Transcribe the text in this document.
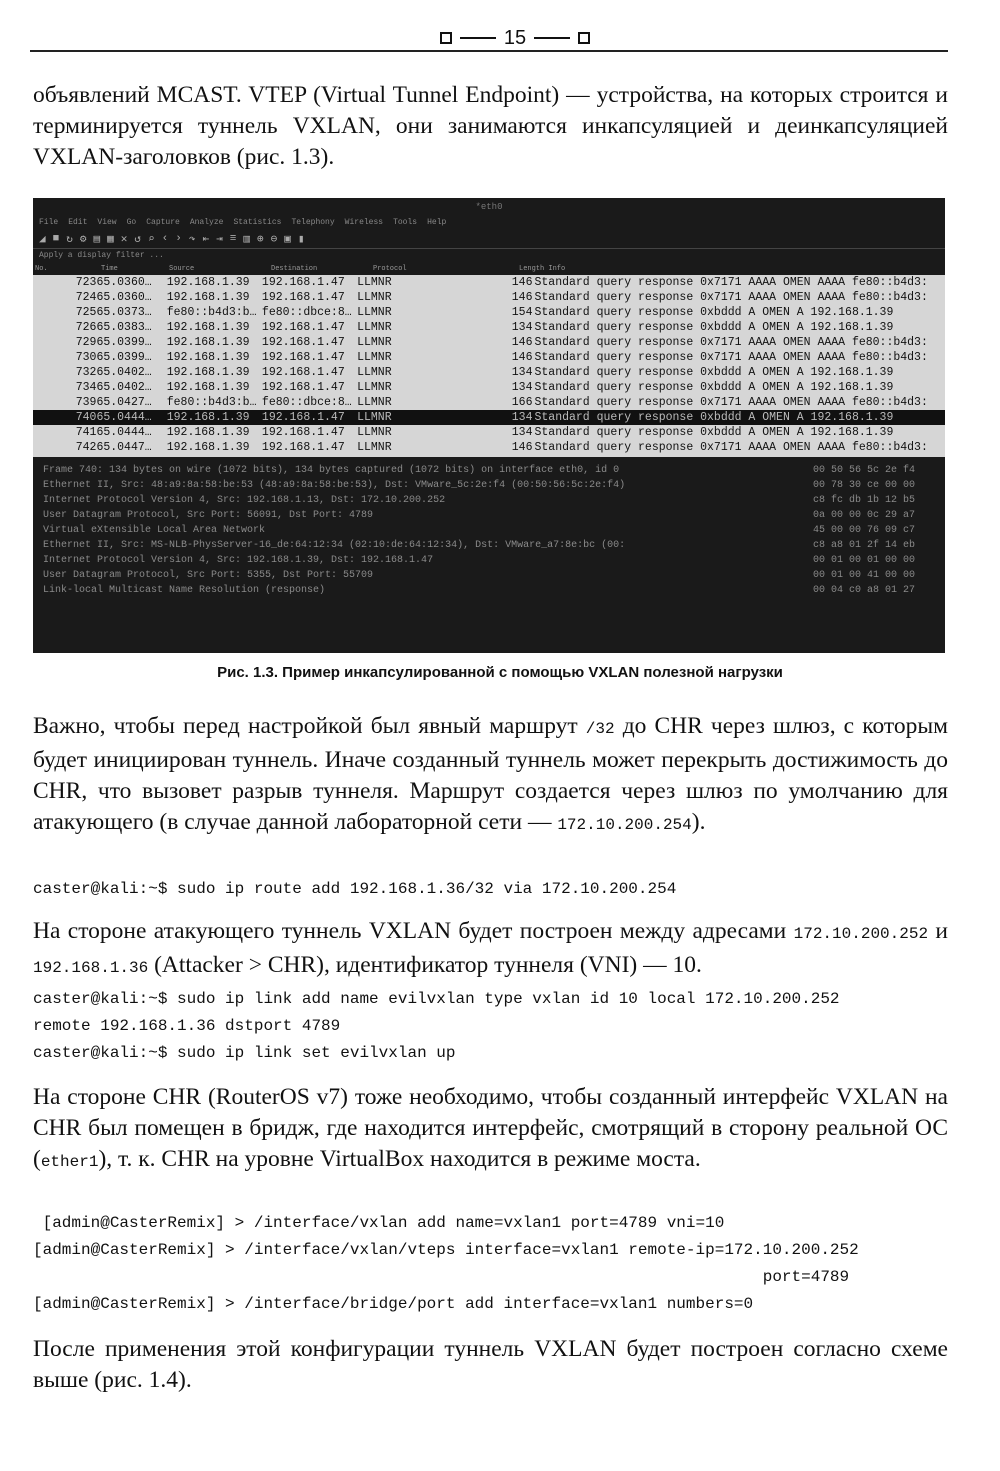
15
объявлений MCAST. VTEP (Virtual Tunnel Endpoint) — устройства, на которых строится и терминируется туннель VXLAN, они занимаются инкапсуляцией и деинкапсуляцией VXLAN-заголовков (рис. 1.3).
*eth0
File Edit View Go Capture Analyze Statistics Telephony Wireless Tools Help
◢ ■ ↻ ⚙ ▤ ▦ ✕ ↺ ⌕ ‹ › ↷ ⇤ ⇥ ≡ ▥ ⊕ ⊖ ▣ ▮
Apply a display filter ...
No.	Time	Source	Destination	Protocol	Length Info
723 65.0360…	192.168.1.39	192.168.1.47	LLMNR	146 Standard query response 0x7171 AAAA OMEN AAAA fe80::b4d3:
724 65.0360…	192.168.1.39	192.168.1.47	LLMNR	146 Standard query response 0x7171 AAAA OMEN AAAA fe80::b4d3:
725 65.0373…	fe80::b4d3:b… fe80::dbce:8… LLMNR	154 Standard query response 0xbddd A OMEN A 192.168.1.39
726 65.0383…	192.168.1.39	192.168.1.47	LLMNR	134 Standard query response 0xbddd A OMEN A 192.168.1.39
729 65.0399…	192.168.1.39	192.168.1.47	LLMNR	146 Standard query response 0x7171 AAAA OMEN AAAA fe80::b4d3:
730 65.0399…	192.168.1.39	192.168.1.47	LLMNR	146 Standard query response 0x7171 AAAA OMEN AAAA fe80::b4d3:
732 65.0402…	192.168.1.39	192.168.1.47	LLMNR	134 Standard query response 0xbddd A OMEN A 192.168.1.39
734 65.0402…	192.168.1.39	192.168.1.47	LLMNR	134 Standard query response 0xbddd A OMEN A 192.168.1.39
739 65.0427…	fe80::b4d3:b… fe80::dbce:8… LLMNR	166 Standard query response 0x7171 AAAA OMEN AAAA fe80::b4d3:
740 65.0444…	192.168.1.39	192.168.1.47	LLMNR	134 Standard query response 0xbddd A OMEN A 192.168.1.39
741 65.0444…	192.168.1.39	192.168.1.47	LLMNR	134 Standard query response 0xbddd A OMEN A 192.168.1.39
742 65.0447…	192.168.1.39	192.168.1.47	LLMNR	146 Standard query response 0x7171 AAAA OMEN AAAA fe80::b4d3:
Frame 740: 134 bytes on wire (1072 bits), 134 bytes captured (1072 bits) on interface eth0, id 0
Ethernet II, Src: 48:a9:8a:58:be:53 (48:a9:8a:58:be:53), Dst: VMware_5c:2e:f4 (00:50:56:5c:2e:f4)
Internet Protocol Version 4, Src: 192.168.1.13, Dst: 172.10.200.252
User Datagram Protocol, Src Port: 56091, Dst Port: 4789
Virtual eXtensible Local Area Network
Ethernet II, Src: MS-NLB-PhysServer-16_de:64:12:34 (02:10:de:64:12:34), Dst: VMware_a7:8e:bc (00:
Internet Protocol Version 4, Src: 192.168.1.39, Dst: 192.168.1.47
User Datagram Protocol, Src Port: 5355, Dst Port: 55709
Link-local Multicast Name Resolution (response)
00 50 56 5c 2e f4
00 78 30 ce 00 00
c8 fc db 1b 12 b5
0a 00 00 0c 29 a7
45 00 00 76 09 c7
c8 a8 01 2f 14 eb
00 01 00 01 00 00
00 01 00 41 00 00
00 04 c0 a8 01 27
Рис. 1.3. Пример инкапсулированной с помощью VXLAN полезной нагрузки
Важно, чтобы перед настройкой был явный маршрут /32 до CHR через шлюз, с которым будет инициирован туннель. Иначе созданный туннель может перекрыть достижимость до CHR, что вызовет разрыв туннеля. Маршрут создается через шлюз по умолчанию для атакующего (в случае данной лабораторной сети — 172.10.200.254).
caster@kali:~$ sudo ip route add 192.168.1.36/32 via 172.10.200.254
На стороне атакующего туннель VXLAN будет построен между адресами 172.10.200.252 и 192.168.1.36 (Attacker > CHR), идентификатор туннеля (VNI) — 10.
caster@kali:~$ sudo ip link add name evilvxlan type vxlan id 10 local 172.10.200.252
remote 192.168.1.36 dstport 4789
caster@kali:~$ sudo ip link set evilvxlan up
На стороне CHR (RouterOS v7) тоже необходимо, чтобы созданный интерфейс VXLAN на CHR был помещен в бридж, где находится интерфейс, смотрящий в сторону реальной ОС (ether1), т. к. CHR на уровне VirtualBox находится в режиме моста.
[admin@CasterRemix] > /interface/vxlan add name=vxlan1 port=4789 vni=10
[admin@CasterRemix] > /interface/vxlan/vteps interface=vxlan1 remote-ip=172.10.200.252
port=4789
[admin@CasterRemix] > /interface/bridge/port add interface=vxlan1 numbers=0
После применения этой конфигурации туннель VXLAN будет построен согласно схеме выше (рис. 1.4).
